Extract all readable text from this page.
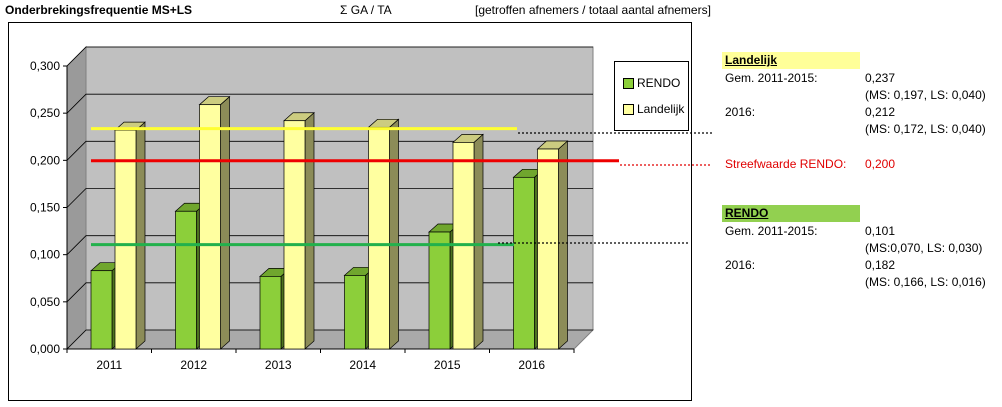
Onderbrekingsfrequentie MS+LS	Σ GA / TA	[getroffen afnemers / totaal aantal afnemers]
0,000
0,050
0,100
0,150
0,200
0,250
0,300
2011	2012	2013	2014	2015	2016
RENDO
Landelijk
Landelijk
Gem. 2011-2015:	0,237
(MS: 0,197, LS: 0,040)
2016:	0,212
(MS: 0,172, LS: 0,040)
Streefwaarde RENDO: 0,200
RENDO
Gem. 2011-2015:	0,101
(MS:0,070, LS: 0,030)
2016:	0,182
(MS: 0,166, LS: 0,016)
